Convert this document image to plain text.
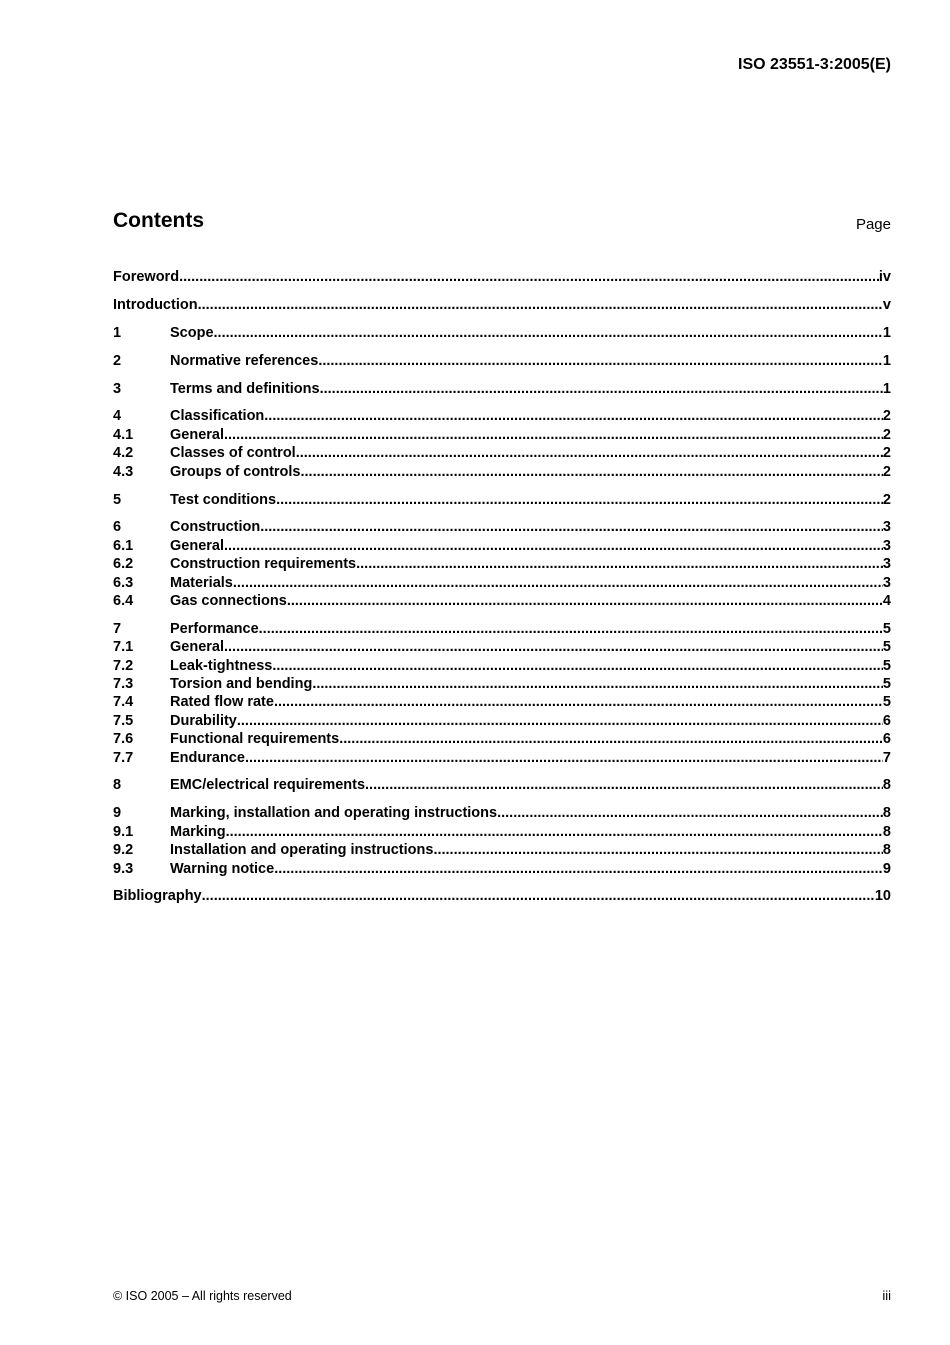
ISO 23551-3:2005(E)
Contents	Page
Foreword .....	iv
Introduction .....	v
1	Scope .....	1
2	Normative references .....	1
3	Terms and definitions .....	1
4	Classification .....	2
4.1	General .....	2
4.2	Classes of control .....	2
4.3	Groups of controls .....	2
5	Test conditions .....	2
6	Construction .....	3
6.1	General .....	3
6.2	Construction requirements .....	3
6.3	Materials .....	3
6.4	Gas connections .....	4
7	Performance .....	5
7.1	General .....	5
7.2	Leak-tightness .....	5
7.3	Torsion and bending .....	5
7.4	Rated flow rate .....	5
7.5	Durability .....	6
7.6	Functional requirements .....	6
7.7	Endurance .....	7
8	EMC/electrical requirements .....	8
9	Marking, installation and operating instructions .....	8
9.1	Marking .....	8
9.2	Installation and operating instructions .....	8
9.3	Warning notice .....	9
Bibliography .....	10
© ISO 2005 – All rights reserved	iii
